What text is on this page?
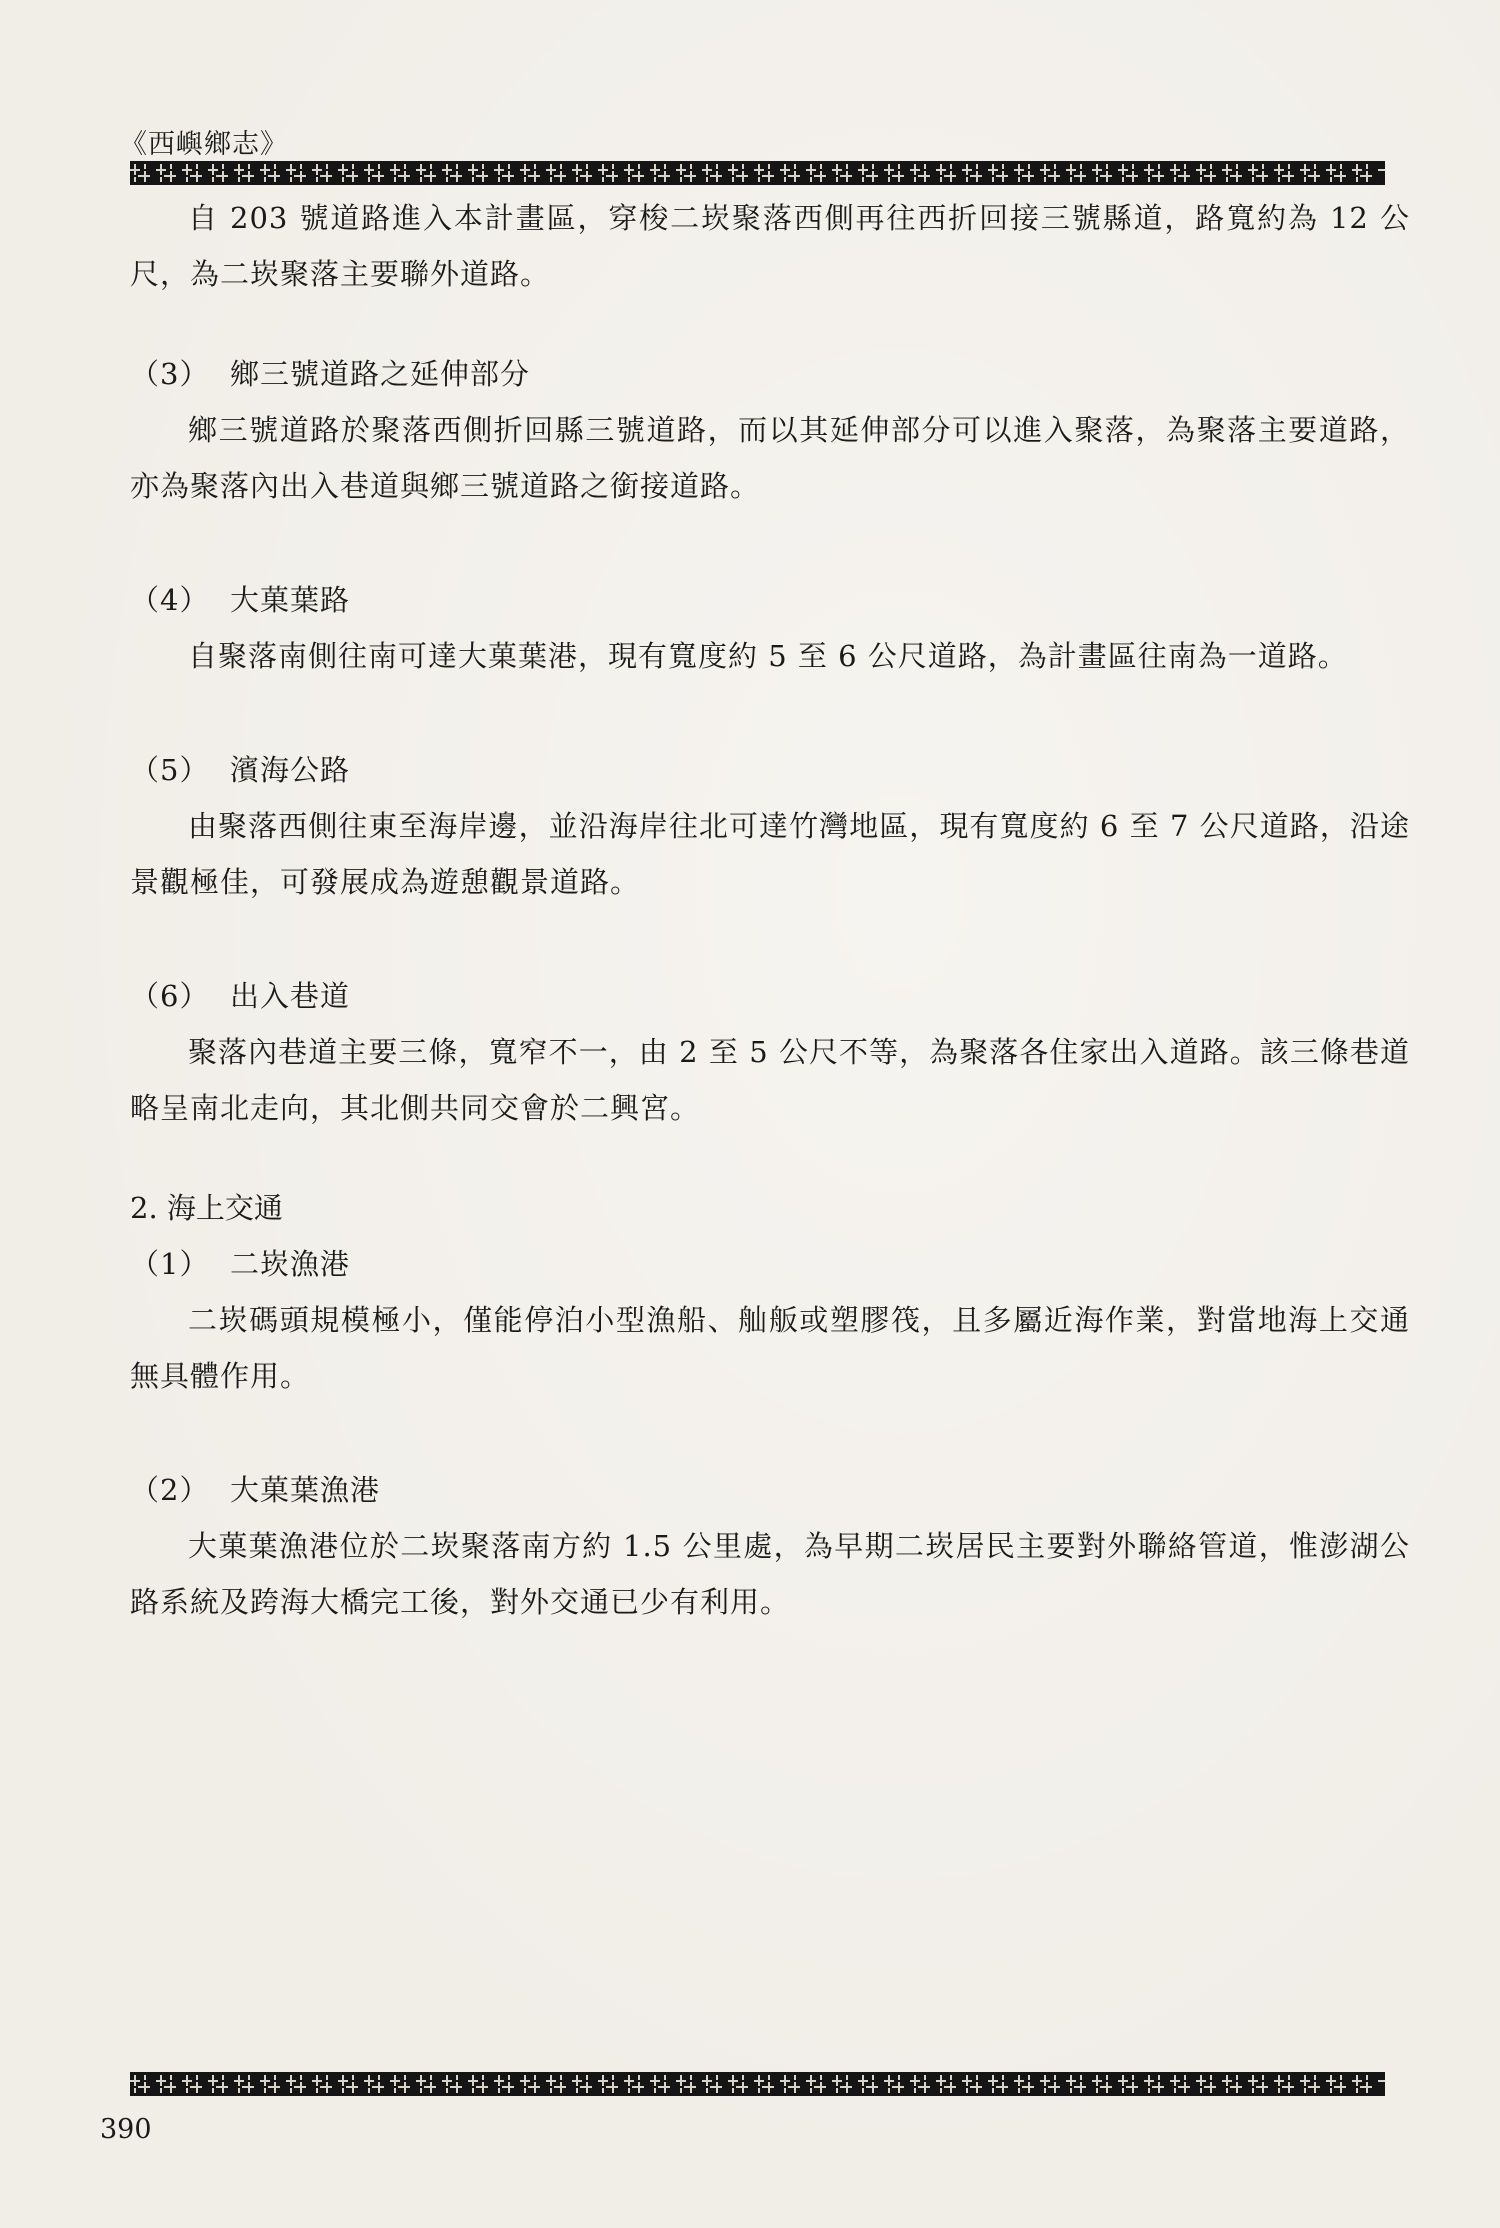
《西嶼鄉志》

自 203 號道路進入本計畫區，穿梭二崁聚落西側再往西折回接三號縣道，路寬約為 12 公尺，為二崁聚落主要聯外道路。

（3） 鄉三號道路之延伸部分

鄉三號道路於聚落西側折回縣三號道路，而以其延伸部分可以進入聚落，為聚落主要道路，亦為聚落內出入巷道與鄉三號道路之銜接道路。

（4） 大菓葉路

自聚落南側往南可達大菓葉港，現有寬度約 5 至 6 公尺道路，為計畫區往南為一道路。

（5） 濱海公路

由聚落西側往東至海岸邊，並沿海岸往北可達竹灣地區，現有寬度約 6 至 7 公尺道路，沿途景觀極佳，可發展成為遊憩觀景道路。

（6） 出入巷道

聚落內巷道主要三條，寬窄不一，由 2 至 5 公尺不等，為聚落各住家出入道路。該三條巷道略呈南北走向，其北側共同交會於二興宮。

2. 海上交通

（1） 二崁漁港

二崁碼頭規模極小，僅能停泊小型漁船、舢舨或塑膠筏，且多屬近海作業，對當地海上交通無具體作用。

（2） 大菓葉漁港

大菓葉漁港位於二崁聚落南方約 1.5 公里處，為早期二崁居民主要對外聯絡管道，惟澎湖公路系統及跨海大橋完工後，對外交通已少有利用。

390
